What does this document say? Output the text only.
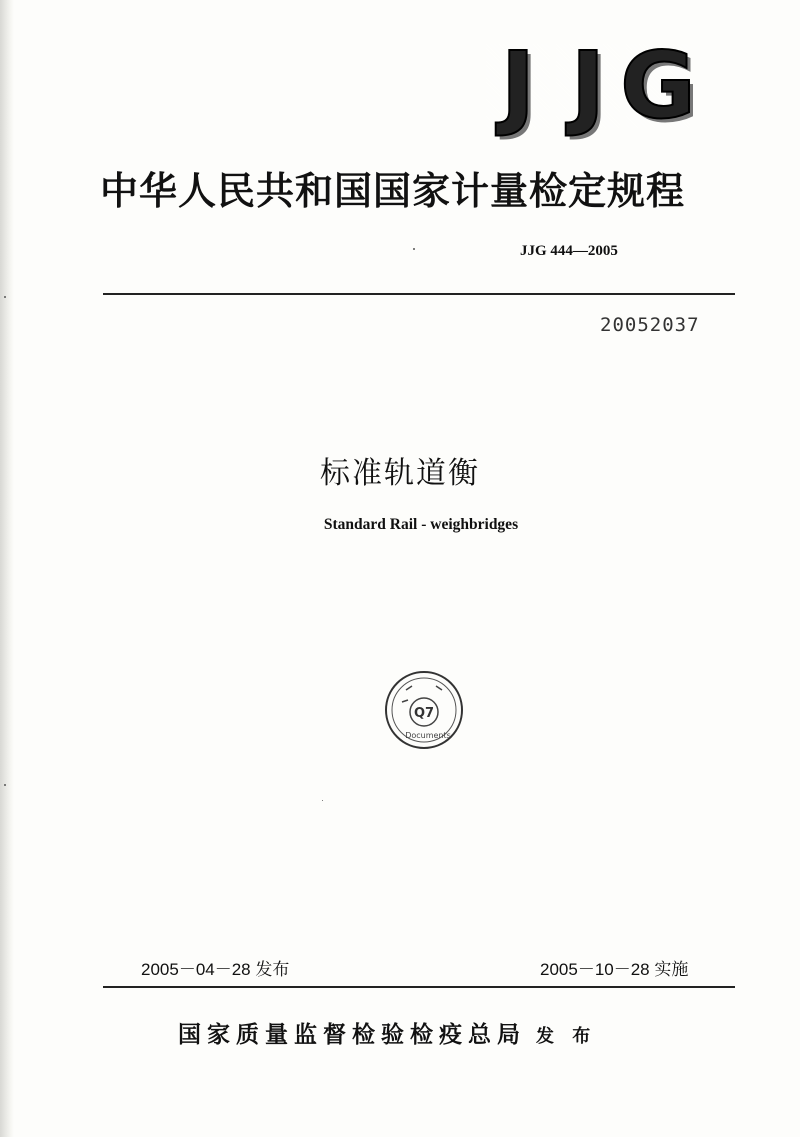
J J G
中华人民共和国国家计量检定规程
JJG 444—2005
20052037
标准轨道衡
Standard Rail - weighbridges
Q7
Documents
2005－04－28 发布	2005－10－28 实施
国家质量监督检验检疫总局 发 布
